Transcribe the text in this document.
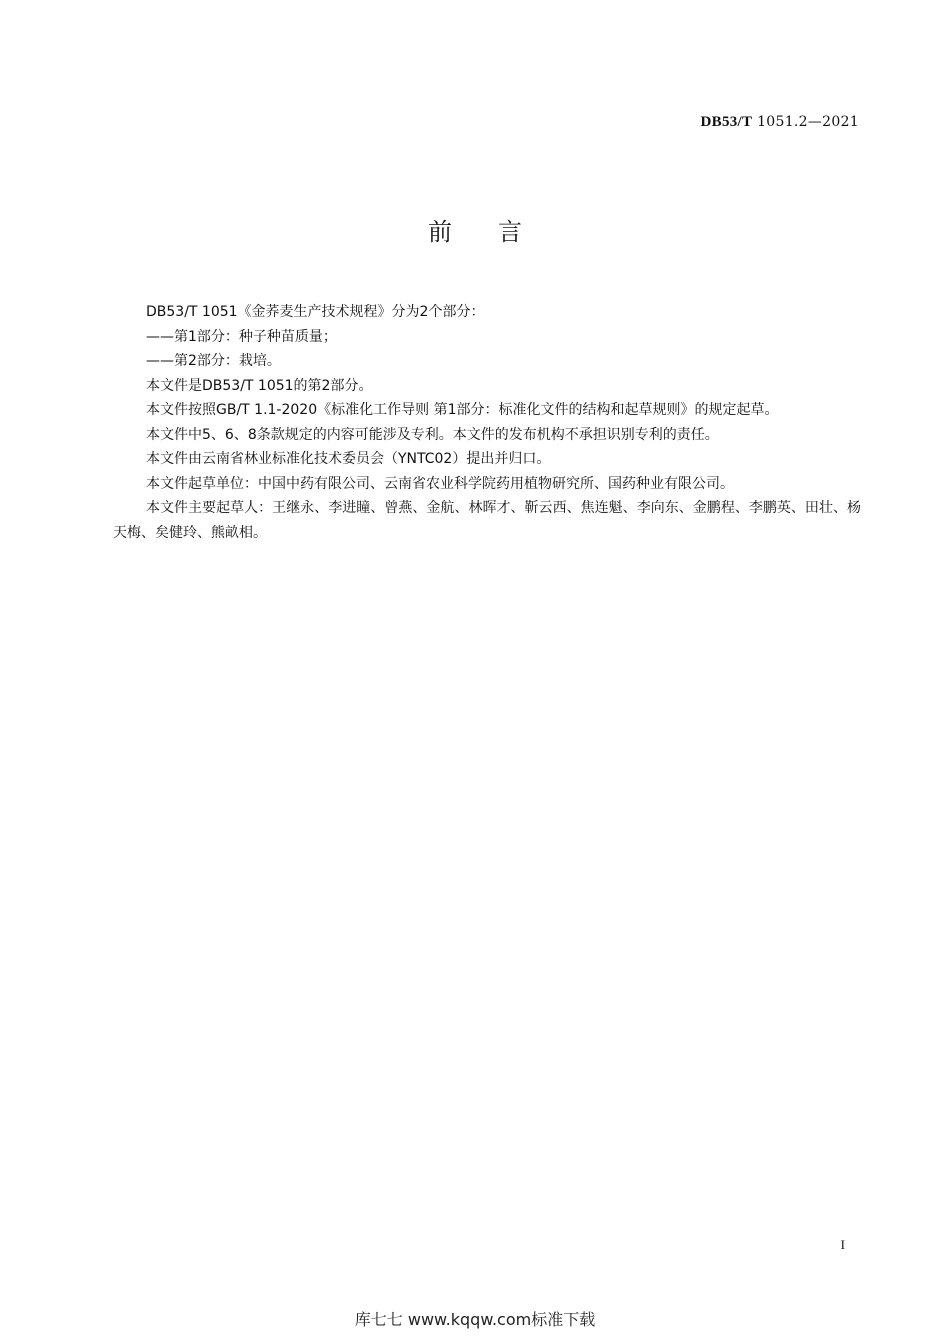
DB53/T 1051.2—2021
前言

DB53/T 1051《金荞麦生产技术规程》分为2个部分：

——第1部分：种子种苗质量；

——第2部分：栽培。

本文件是DB53/T 1051的第2部分。

本文件按照GB/T 1.1-2020《标准化工作导则 第1部分：标准化文件的结构和起草规则》的规定起草。

本文件中5、6、8条款规定的内容可能涉及专利。本文件的发布机构不承担识别专利的责任。

本文件由云南省林业标准化技术委员会（YNTC02）提出并归口。

本文件起草单位：中国中药有限公司、云南省农业科学院药用植物研究所、国药种业有限公司。

本文件主要起草人：王继永、李进瞳、曾燕、金航、林晖才、靳云西、焦连魁、李向东、金鹏程、李鹏英、田壮、杨天梅、矣健玲、熊畝相。

I
库七七 www.kqqw.com标准下载
